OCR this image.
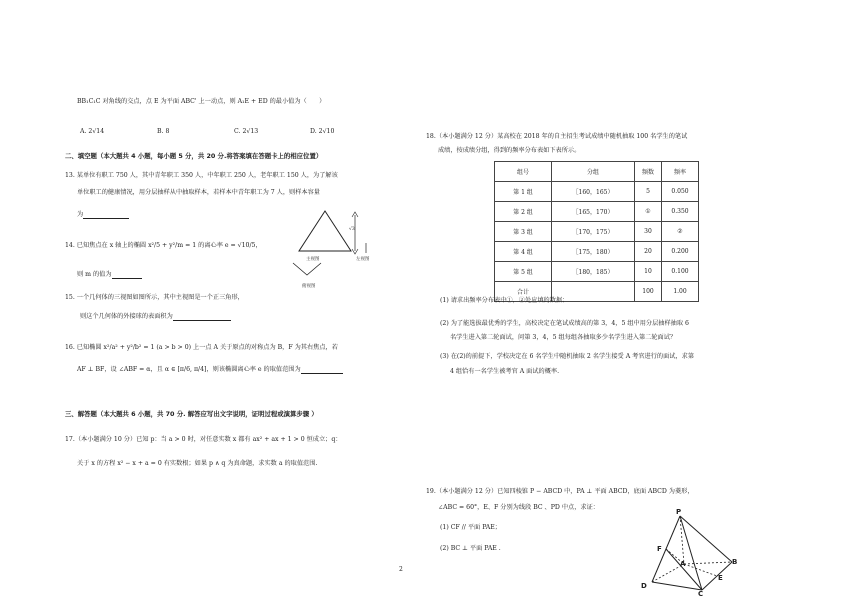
BB₁C₁C 对角线的交点，点 E 为平面 ABC' 上一动点，则 A₁E + ED 的最小值为（　　）
A. 2√14	B. 8	C. 2√13	D. 2√10
二、填空题（本大题共 4 小题，每小题 5 分，共 20 分.将答案填在答题卡上的相应位置）
13. 某单位有职工 750 人，其中青年职工 350 人，中年职工 250 人，老年职工 150 人，为了解该
单位职工的健康情况，用分层抽样从中抽取样本，若样本中青年职工为 7 人，则样本容量
为
14. 已知焦点在 x 轴上的椭圆 x²/5 + y²/m = 1 的离心率 e = √10/5，
则 m 的值为
15. 一个几何体的三视图如图所示，其中主视图是一个正三角形，
则这个几何体的外接球的表面积为
主视图	左视图
俯视图
√3
16. 已知椭圆 x²/a² + y²/b² = 1 (a > b > 0) 上一点 A 关于原点的对称点为 B，F 为其右焦点，若
AF ⊥ BF，设 ∠ABF = α，且 α ∈ [π/6, π/4]，则该椭圆离心率 e 的取值范围为
三、解答题（本大题共 6 小题，共 70 分. 解答应写出文字说明，证明过程或演算步骤 ）
17.（本小题满分 10 分）已知 p：当 a > 0 时，对任意实数 x 都有 ax² + ax + 1 > 0 恒成立；q：
关于 x 的方程 x² − x + a = 0 有实数根；如果 p ∧ q 为真命题，求实数 a 的取值范围.
18.（本小题满分 12 分）某高校在 2018 年的自主招生考试成绩中随机抽取 100 名学生的笔试
成绩，按成绩分组，得到的频率分布表如下表所示。
组号	分组	频数	频率
第 1 组	［160，165）	5	0.050
第 2 组	［165，170）	①	0.350
第 3 组	［170，175）	30	②
第 4 组	［175，180）	20	0.200
第 5 组	［180，185）	10	0.100
合计		100	1.00
(1) 请求出频率分布表中①，②处应填的数据；
(2) 为了能选拔最优秀的学生，高校决定在笔试成绩高的第 3，4，5 组中用分层抽样抽取 6
名学生进入第二轮面试，问第 3，4，5 组每组各抽取多少名学生进入第二轮面试？
(3) 在(2)的前提下，学校决定在 6 名学生中随机抽取 2 名学生接受 A 考官进行的面试，求第
4 组恰有一名学生被考官 A 面试的概率.
19.（本小题满分 12 分）已知四棱锥 P − ABCD 中，PA ⊥ 平面 ABCD，底面 ABCD 为菱形，
∠ABC = 60°，E、F 分别为线段 BC 、PD 中点，求证：
(1) CF // 平面 PAE；
(2) BC ⊥ 平面 PAE .
P
F
A	B
E
D
C
2
